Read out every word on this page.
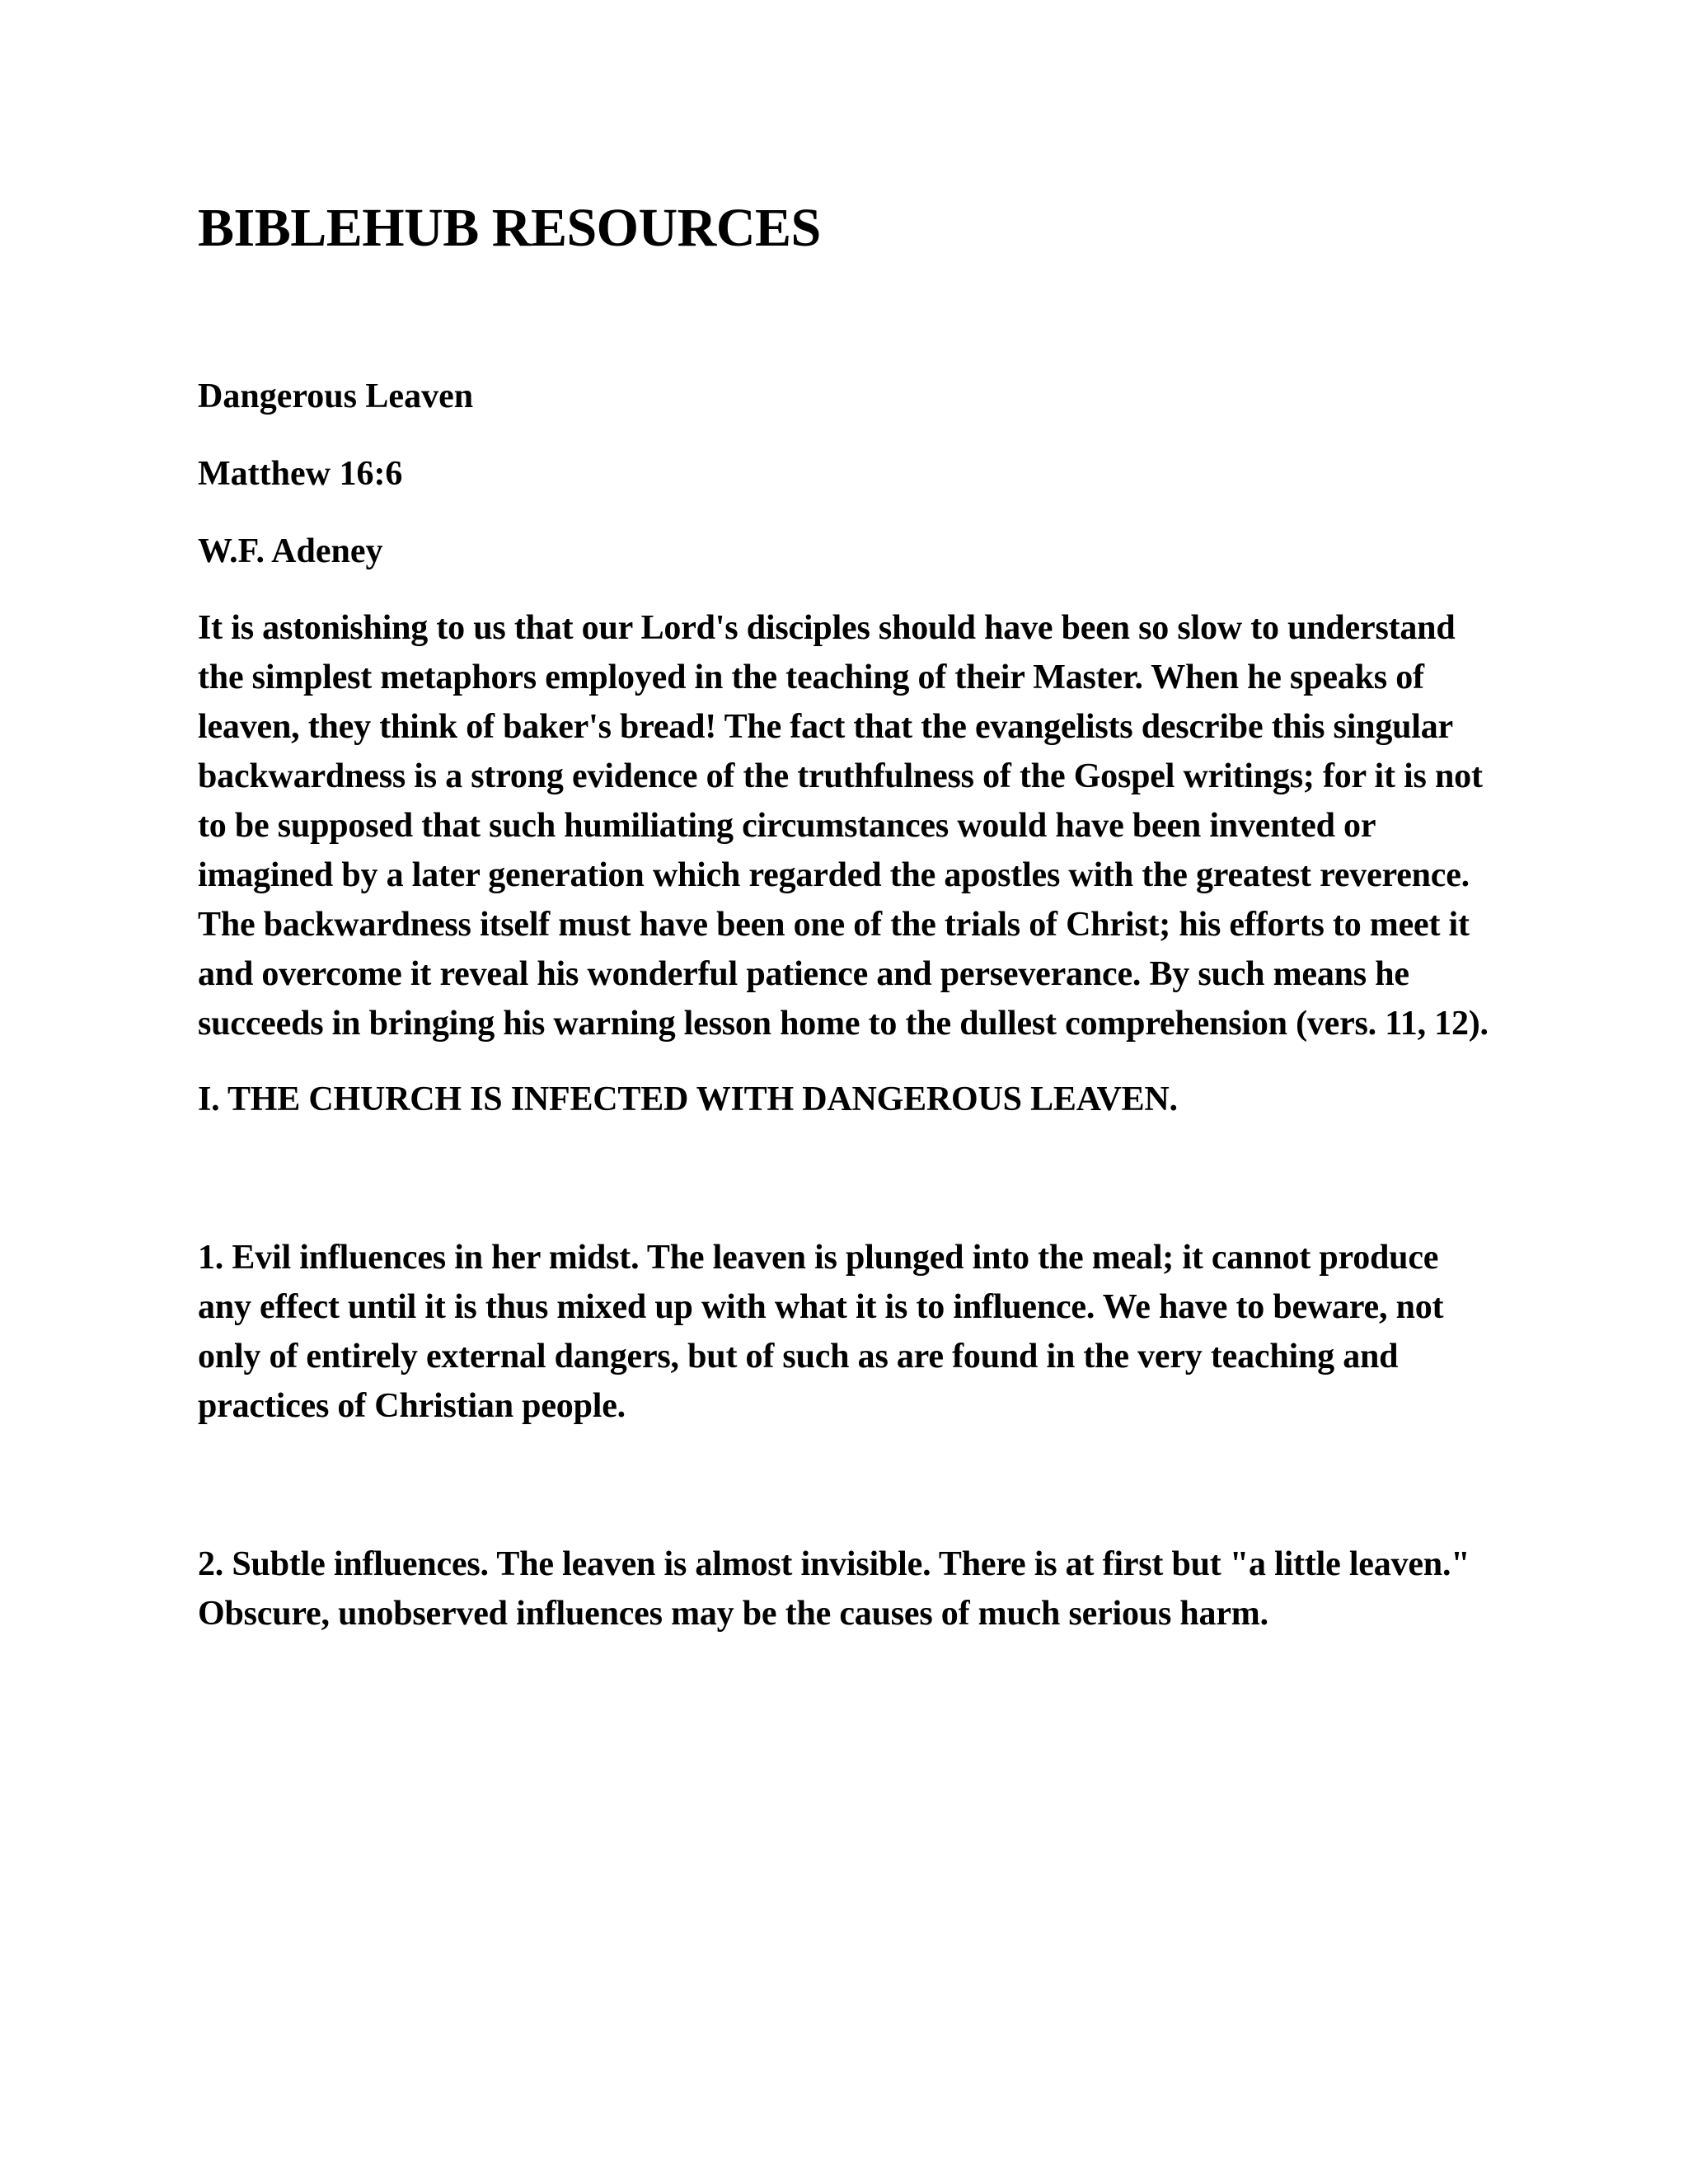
BIBLEHUB RESOURCES

Dangerous Leaven

Matthew 16:6

W.F. Adeney

It is astonishing to us that our Lord's disciples should have been so slow to understand the simplest metaphors employed in the teaching of their Master. When he speaks of leaven, they think of baker's bread! The fact that the evangelists describe this singular backwardness is a strong evidence of the truthfulness of the Gospel writings; for it is not to be supposed that such humiliating circumstances would have been invented or imagined by a later generation which regarded the apostles with the greatest reverence. The backwardness itself must have been one of the trials of Christ; his efforts to meet it and overcome it reveal his wonderful patience and perseverance. By such means he succeeds in bringing his warning lesson home to the dullest comprehension (vers. 11, 12).

I. THE CHURCH IS INFECTED WITH DANGEROUS LEAVEN.

1. Evil influences in her midst. The leaven is plunged into the meal; it cannot produce any effect until it is thus mixed up with what it is to influence. We have to beware, not only of entirely external dangers, but of such as are found in the very teaching and practices of Christian people.

2. Subtle influences. The leaven is almost invisible. There is at first but "a little leaven." Obscure, unobserved influences may be the causes of much serious harm.
